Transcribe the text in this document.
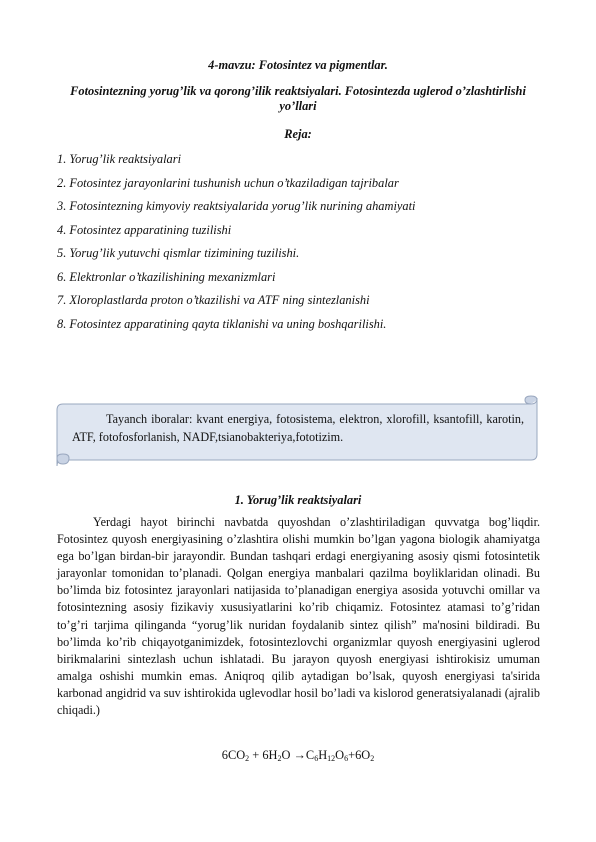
4-mavzu: Fotosintez va pigmentlar.
Fotosintezning yorug’lik va qorong’ilik reaktsiyalari. Fotosintezda uglerod o’zlashtirlishi yo’llari
Reja:
1. Yorug’lik reaktsiyalari
2. Fotosintez jarayonlarini tushunish uchun o’tkaziladigan tajribalar
3. Fotosintezning kimyoviy reaktsiyalarida yorug’lik nurining ahamiyati
4. Fotosintez apparatining tuzilishi
5. Yorug’lik yutuvchi qismlar tizimining tuzilishi.
6. Elektronlar o’tkazilishining mexanizmlari
7. Xloroplastlarda proton o’tkazilishi va ATF ning sintezlanishi
8. Fotosintez apparatining qayta tiklanishi va uning boshqarilishi.
Tayanch iboralar: kvant energiya, fotosistema, elektron, xlorofill, ksantofill, karotin, ATF, fotofosforlanish, NADF,tsianobakteriya,fototizim.
1. Yorug’lik reaktsiyalari
Yerdagi hayot birinchi navbatda quyoshdan o’zlashtiriladigan quvvatga bog’liqdir. Fotosintez quyosh energiyasining o’zlashtira olishi mumkin bo’lgan yagona biologik ahamiyatga ega bo’lgan birdan-bir jarayondir. Bundan tashqari erdagi energiyaning asosiy qismi fotosintetik jarayonlar tomonidan to’planadi. Qolgan energiya manbalari qazilma boyliklaridan olinadi. Bu bo’limda biz fotosintez jarayonlari natijasida to’planadigan energiya asosida yotuvchi omillar va fotosintezning asosiy fizikaviy xususiyatlarini ko’rib chiqamiz. Fotosintez atamasi to’g’ridan to’g’ri tarjima qilinganda “yorug’lik nuridan foydalanib sintez qilish” ma'nosini bildiradi. Bu bo’limda ko’rib chiqayotganimizdek, fotosintezlovchi organizmlar quyosh energiyasini uglerod birikmalarini sintezlash uchun ishlatadi. Bu jarayon quyosh energiyasi ishtirokisiz umuman amalga oshishi mumkin emas. Aniqroq qilib aytadigan bo’lsak, quyosh energiyasi ta'sirida karbonad angidrid va suv ishtirokida uglevodlar hosil bo’ladi va kislorod generatsiyalanadi (ajralib chiqadi.)
$6CO_2 + 6H_2O \to C_6H_{12}O_6+6O_2$
